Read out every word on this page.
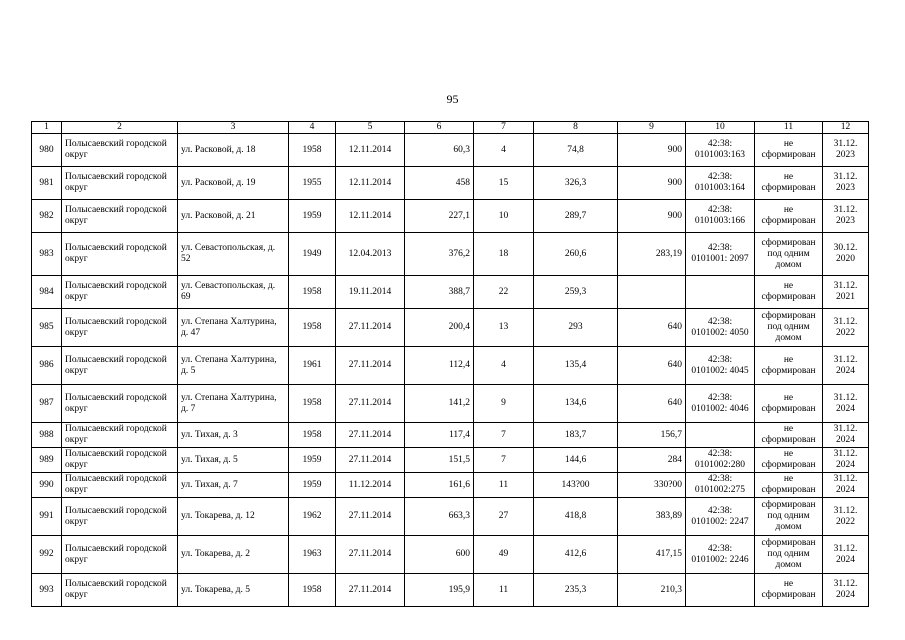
95
1	2	3	4	5	6	7	8	9	10	11	12
980	Полысаевский городской округ	ул. Расковой, д. 18	1958	12.11.2014	60,3	4	74,8	900	42:38: 0101003:163	не сформирован	31.12. 2023
981	Полысаевский городской округ	ул. Расковой, д. 19	1955	12.11.2014	458	15	326,3	900	42:38: 0101003:164	не сформирован	31.12. 2023
982	Полысаевский городской округ	ул. Расковой, д. 21	1959	12.11.2014	227,1	10	289,7	900	42:38: 0101003:166	не сформирован	31.12. 2023
983	Полысаевский городской округ	ул. Севастопольская, д. 52	1949	12.04.2013	376,2	18	260,6	283,19	42:38: 0101001: 2097	сформирован под одним домом	30.12. 2020
984	Полысаевский городской округ	ул. Севастопольская, д. 69	1958	19.11.2014	388,7	22	259,3			не сформирован	31.12. 2021
985	Полысаевский городской округ	ул. Степана Халтурина, д. 47	1958	27.11.2014	200,4	13	293	640	42:38: 0101002: 4050	сформирован под одним домом	31.12. 2022
986	Полысаевский городской округ	ул. Степана Халтурина, д. 5	1961	27.11.2014	112,4	4	135,4	640	42:38: 0101002: 4045	не сформирован	31.12. 2024
987	Полысаевский городской округ	ул. Степана Халтурина, д. 7	1958	27.11.2014	141,2	9	134,6	640	42:38: 0101002: 4046	не сформирован	31.12. 2024
988	Полысаевский городской округ	ул. Тихая, д. 3	1958	27.11.2014	117,4	7	183,7	156,7		не сформирован	31.12. 2024
989	Полысаевский городской округ	ул. Тихая, д. 5	1959	27.11.2014	151,5	7	144,6	284	42:38: 0101002:280	не сформирован	31.12. 2024
990	Полысаевский городской округ	ул. Тихая, д. 7	1959	11.12.2014	161,6	11	143?00	330?00	42:38: 0101002:275	не сформирован	31.12. 2024
991	Полысаевский городской округ	ул. Токарева, д. 12	1962	27.11.2014	663,3	27	418,8	383,89	42:38: 0101002: 2247	сформирован под одним домом	31.12. 2022
992	Полысаевский городской округ	ул. Токарева, д. 2	1963	27.11.2014	600	49	412,6	417,15	42:38: 0101002: 2246	сформирован под одним домом	31.12. 2024
993	Полысаевский городской округ	ул. Токарева, д. 5	1958	27.11.2014	195,9	11	235,3	210,3		не сформирован	31.12. 2024
